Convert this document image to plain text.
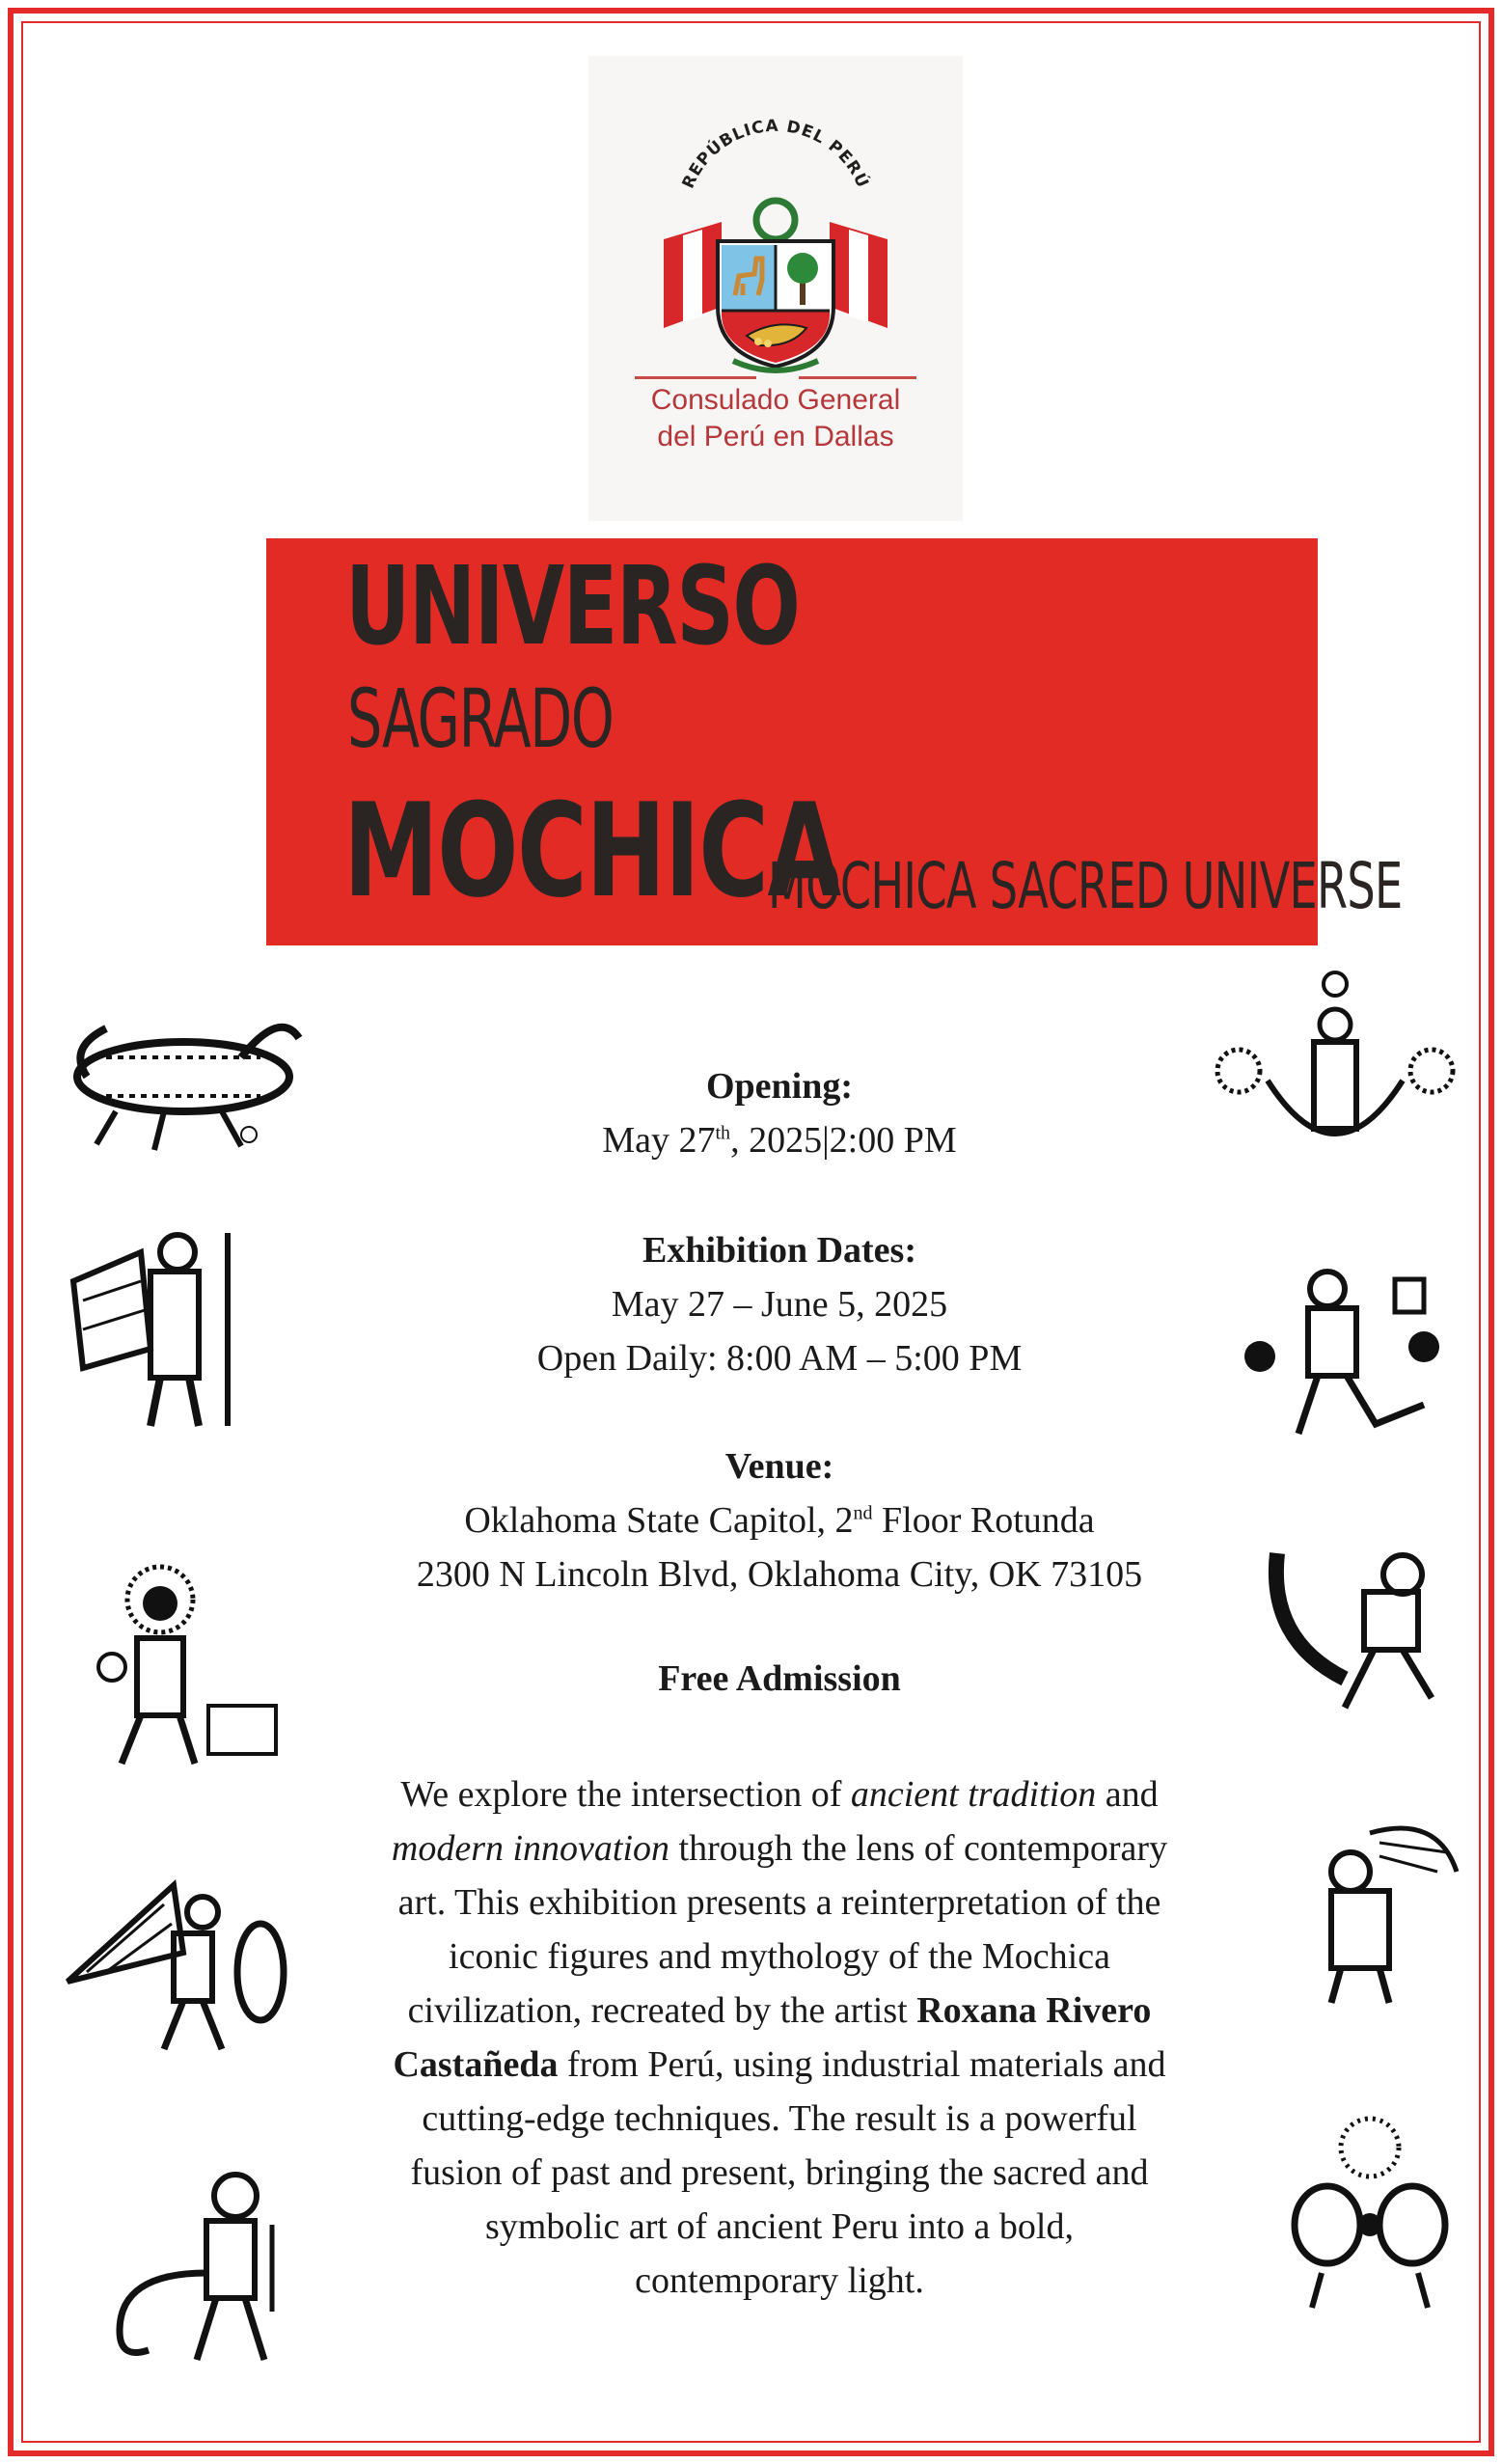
REPÚBLICA DEL PERÚ
Consulado General
del Perú en Dallas
UNIVERSO
SAGRADO
MOCHICA
MOCHICA SACRED UNIVERSE
Opening:
May 27th, 2025|2:00 PM
Exhibition Dates:
May 27 – June 5, 2025
Open Daily: 8:00 AM – 5:00 PM
Venue:
Oklahoma State Capitol, 2nd Floor Rotunda
2300 N Lincoln Blvd, Oklahoma City, OK 73105
Free Admission
We explore the intersection of ancient tradition and modern innovation through the lens of contemporary art. This exhibition presents a reinterpretation of the iconic figures and mythology of the Mochica civilization, recreated by the artist Roxana Rivero Castañeda from Perú, using industrial materials and cutting-edge techniques. The result is a powerful fusion of past and present, bringing the sacred and symbolic art of ancient Peru into a bold, contemporary light.
